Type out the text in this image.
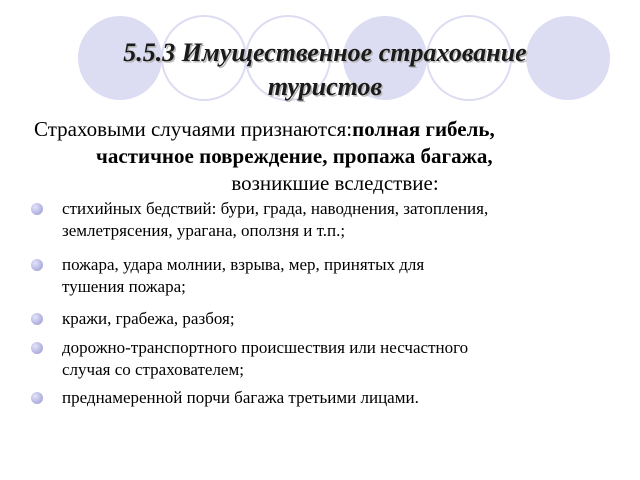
5.5.3 Имущественное страхование
туристов
Страховыми случаями признаются:полная гибель,
частичное повреждение, пропажа багажа,
возникшие вследствие:
стихийных бедствий: бури, града, наводнения, затопления,
землетрясения, урагана, оползня и т.п.;
пожара, удара молнии, взрыва, мер, принятых для
тушения пожара;
кражи, грабежа, разбоя;
дорожно-транспортного происшествия или несчастного
случая со страхователем;
преднамеренной порчи багажа третьими лицами.
